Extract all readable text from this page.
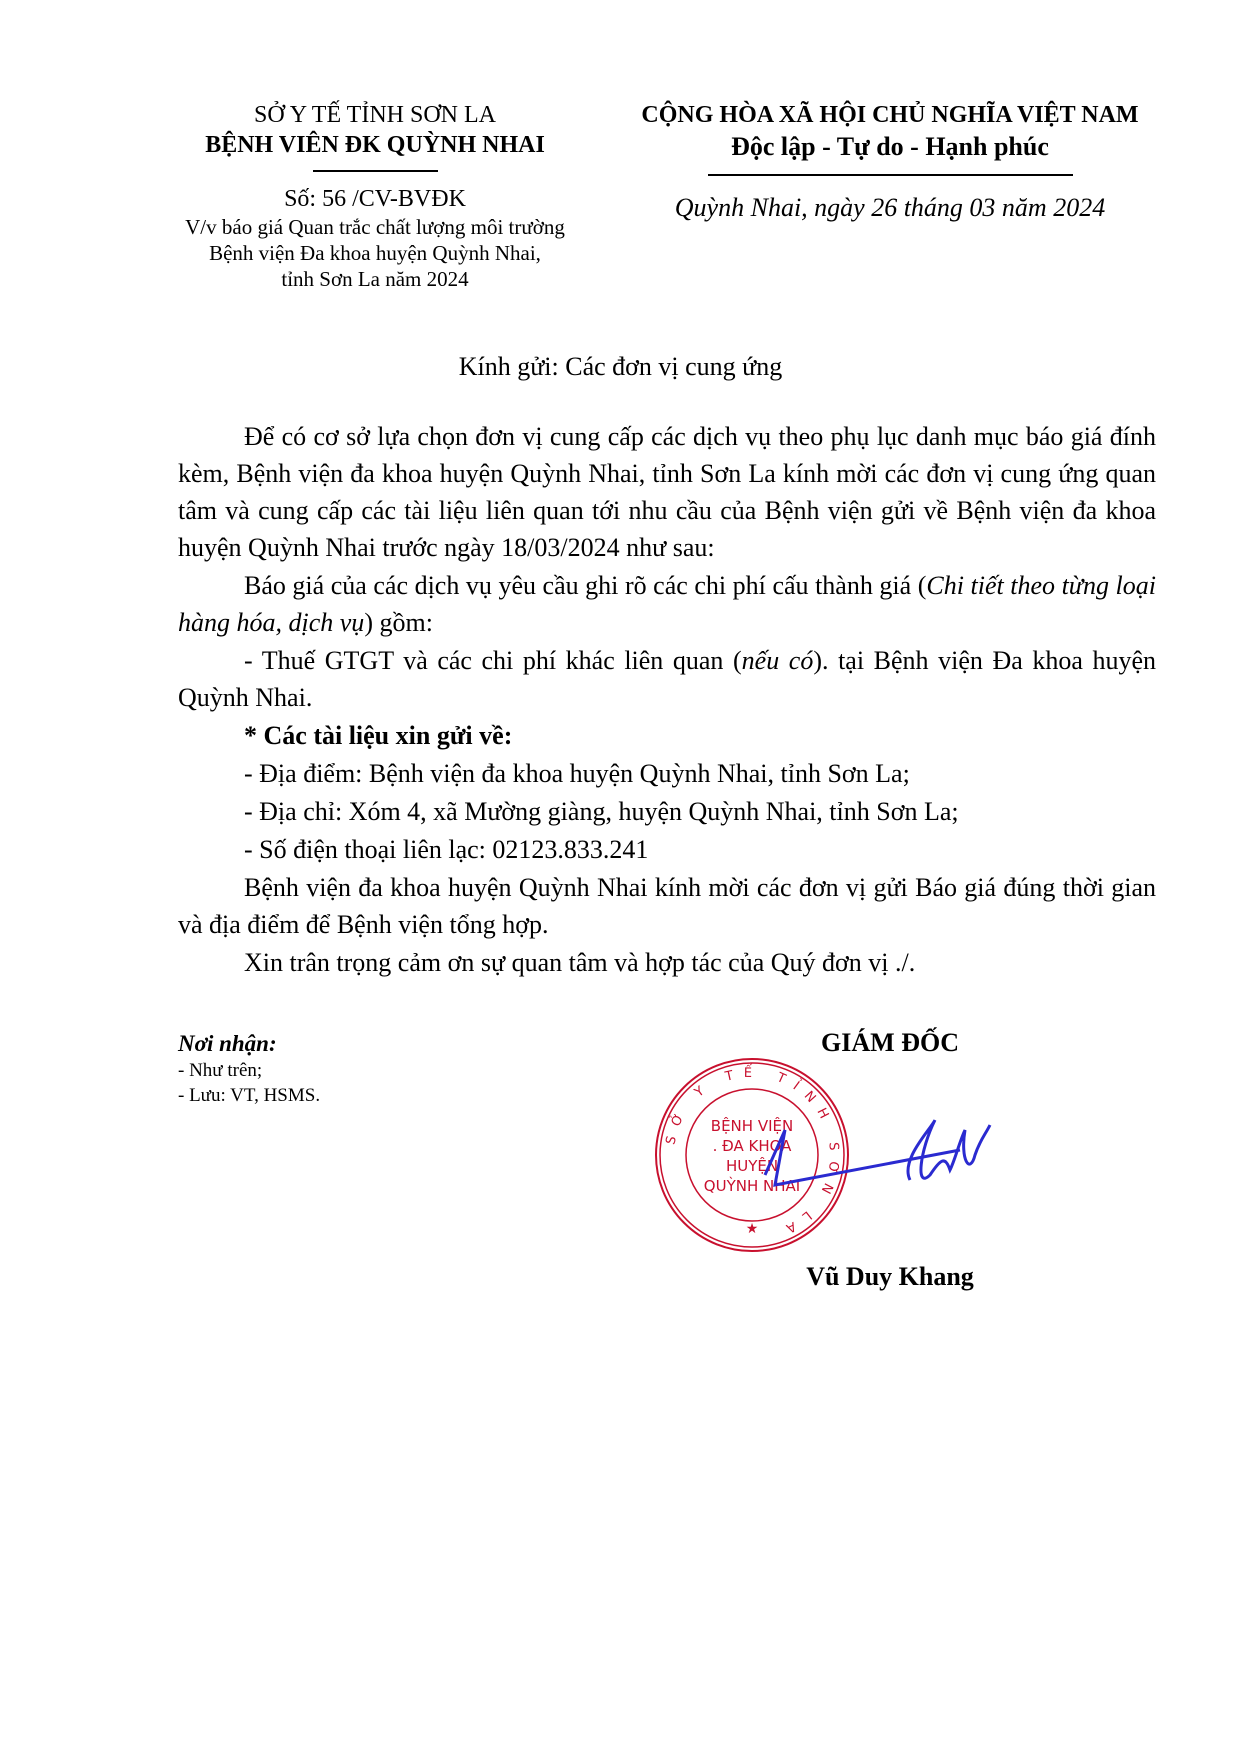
SỞ Y TẾ TỈNH SƠN LA
BỆNH VIÊN ĐK QUỲNH NHAI
Số: 56 /CV-BVĐK
V/v báo giá Quan trắc chất lượng môi trường
Bệnh viện Đa khoa huyện Quỳnh Nhai,
tỉnh Sơn La năm 2024
CỘNG HÒA XÃ HỘI CHỦ NGHĨA VIỆT NAM
Độc lập - Tự do - Hạnh phúc
Quỳnh Nhai, ngày 26 tháng 03 năm 2024
Kính gửi: Các đơn vị cung ứng

Để có cơ sở lựa chọn đơn vị cung cấp các dịch vụ theo phụ lục danh mục báo giá đính kèm, Bệnh viện đa khoa huyện Quỳnh Nhai, tỉnh Sơn La kính mời các đơn vị cung ứng quan tâm và cung cấp các tài liệu liên quan tới nhu cầu của Bệnh viện gửi về Bệnh viện đa khoa huyện Quỳnh Nhai trước ngày 18/03/2024 như sau:

Báo giá của các dịch vụ yêu cầu ghi rõ các chi phí cấu thành giá (Chi tiết theo từng loại hàng hóa, dịch vụ) gồm:

- Thuế GTGT và các chi phí khác liên quan (nếu có). tại Bệnh viện Đa khoa huyện Quỳnh Nhai.

* Các tài liệu xin gửi về:

- Địa điểm: Bệnh viện đa khoa huyện Quỳnh Nhai, tỉnh Sơn La;

- Địa chỉ: Xóm 4, xã Mường giàng, huyện Quỳnh Nhai, tỉnh Sơn La;

- Số điện thoại liên lạc: 02123.833.241

Bệnh viện đa khoa huyện Quỳnh Nhai kính mời các đơn vị gửi Báo giá đúng thời gian và địa điểm để Bệnh viện tổng hợp.

Xin trân trọng cảm ơn sự quan tâm và hợp tác của Quý đơn vị ./.

Nơi nhận:
- Như trên;
- Lưu: VT, HSMS.
GIÁM ĐỐC
SỞ Y TẾ TỈNH SƠN LA
BỆNH VIỆN
. ĐA KHOA
HUYỆN
QUỲNH NHAI
★
Vũ Duy Khang
